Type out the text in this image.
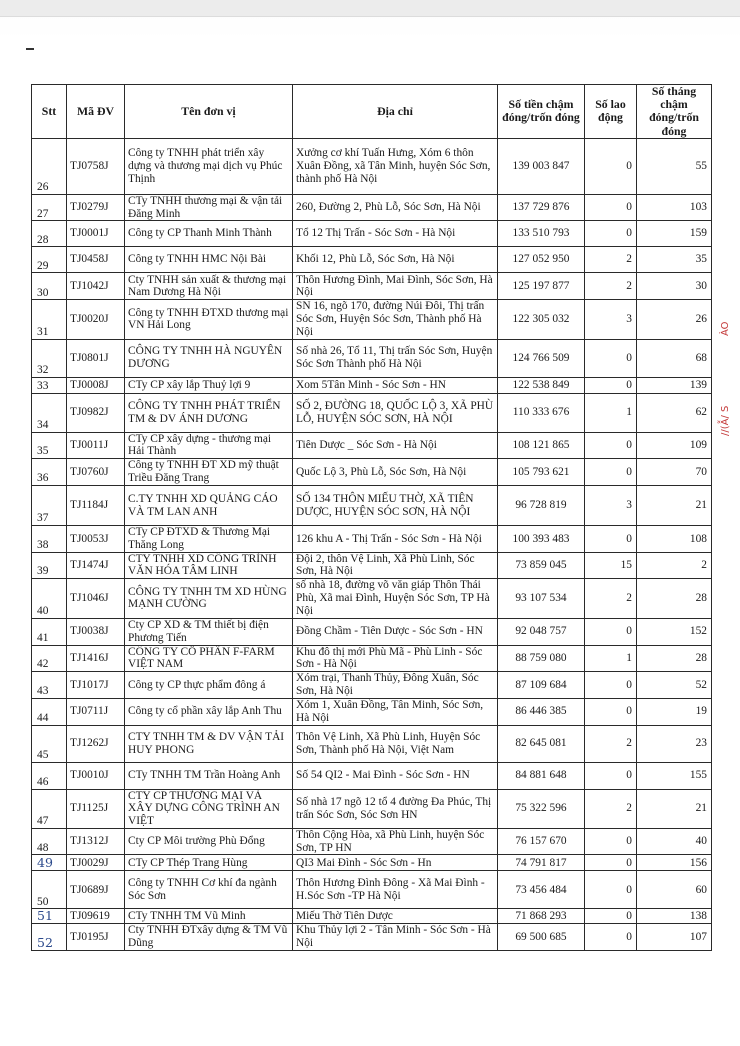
Stt	Mã ĐV	Tên đơn vị	Địa chỉ	Số tiền chậm đóng/trốn đóng	Số lao động	Số tháng chậm đóng/trốn đóng
26	TJ0758J	Công ty TNHH phát triển xây dựng và thương mại dịch vụ Phúc Thịnh	Xưởng cơ khí Tuấn Hưng, Xóm 6 thôn Xuân Đồng, xã Tân Minh, huyện Sóc Sơn, thành phố Hà Nội	139 003 847	0	55
27	TJ0279J	CTy TNHH thương mại & vận tải Đăng Minh	260, Đường 2, Phù Lỗ, Sóc Sơn, Hà Nội	137 729 876	0	103
28	TJ0001J	Công ty CP Thanh Minh Thành	Tổ 12 Thị Trấn - Sóc Sơn - Hà Nội	133 510 793	0	159
29	TJ0458J	Công ty TNHH HMC Nội Bài	Khối 12, Phù Lỗ, Sóc Sơn, Hà Nội	127 052 950	2	35
30	TJ1042J	Cty TNHH sản xuất & thương mại Nam Dương Hà Nội	Thôn Hương Đình, Mai Đình, Sóc Sơn, Hà Nội	125 197 877	2	30
31	TJ0020J	Công ty TNHH ĐTXD thương mại VN Hải Long	SN 16, ngõ 170, đường Núi Đôi, Thị trấn Sóc Sơn, Huyện Sóc Sơn, Thành phố Hà Nội	122 305 032	3	26
32	TJ0801J	CÔNG TY TNHH HÀ NGUYÊN DƯƠNG	Số nhà 26, Tổ 11, Thị trấn Sóc Sơn, Huyện Sóc Sơn Thành phố Hà Nội	124 766 509	0	68
33	TJ0008J	CTy CP xây lắp Thuỷ lợi 9	Xom 5Tân Minh - Sóc Sơn - HN	122 538 849	0	139
34	TJ0982J	CÔNG TY TNHH PHÁT TRIỂN TM & DV ÁNH DƯƠNG	SỐ 2, ĐƯỜNG 18, QUỐC LỘ 3, XÃ PHÙ LỖ, HUYỆN SÓC SƠN, HÀ NỘI	110 333 676	1	62
35	TJ0011J	CTy CP xây dựng - thương mại Hải Thành	Tiên Dược _ Sóc Sơn - Hà Nội	108 121 865	0	109
36	TJ0760J	Công ty TNHH ĐT XD mỹ thuật Triều Đăng Trang	Quốc Lộ 3, Phù Lỗ, Sóc Sơn, Hà Nội	105 793 621	0	70
37	TJ1184J	C.TY TNHH XD QUẢNG CÁO VÀ TM LAN ANH	SỐ 134 THÔN MIẾU THỜ, XÃ TIÊN DƯỢC, HUYỆN SÓC SƠN, HÀ NỘI	96 728 819	3	21
38	TJ0053J	CTy CP ĐTXD & Thương Mại Thăng Long	126 khu A - Thị Trấn - Sóc Sơn - Hà Nội	100 393 483	0	108
39	TJ1474J	CTY TNHH XD CÔNG TRÌNH VĂN HÓA TÂM LINH	Đội 2, thôn Vệ Linh, Xã Phù Linh, Sóc Sơn, Hà Nội	73 859 045	15	2
40	TJ1046J	CÔNG TY TNHH TM XD HÙNG MẠNH CƯỜNG	số nhà 18, đường võ văn giáp Thôn Thái Phù, Xã mai Đình, Huyện Sóc Sơn, TP Hà Nội	93 107 534	2	28
41	TJ0038J	Cty CP XD & TM thiết bị điện Phương Tiến	Đồng Chầm - Tiên Dược - Sóc Sơn - HN	92 048 757	0	152
42	TJ1416J	CÔNG TY CỔ PHẦN F-FARM VIỆT NAM	Khu đô thị mới Phù Mã - Phù Linh - Sóc Sơn - Hà Nội	88 759 080	1	28
43	TJ1017J	Công ty CP thực phẩm đông á	Xóm trại, Thanh Thủy, Đông Xuân, Sóc Sơn, Hà Nội	87 109 684	0	52
44	TJ0711J	Công ty cổ phần xây lắp Anh Thu	Xóm 1, Xuân Đồng, Tân Minh, Sóc Sơn, Hà Nội	86 446 385	0	19
45	TJ1262J	CTY TNHH TM & DV VẬN TẢI HUY PHONG	Thôn Vệ Linh, Xã Phù Linh, Huyện Sóc Sơn, Thành phố Hà Nội, Việt Nam	82 645 081	2	23
46	TJ0010J	CTy TNHH TM Trần Hoàng Anh	Số 54 QI2 - Mai Đình - Sóc Sơn - HN	84 881 648	0	155
47	TJ1125J	CTY CP THƯƠNG MẠI VÀ XÂY DỰNG CÔNG TRÌNH AN VIỆT	Số nhà 17 ngõ 12 tổ 4 đường Đa Phúc, Thị trấn Sóc Sơn, Sóc Sơn HN	75 322 596	2	21
48	TJ1312J	Cty CP Môi trường Phù Đổng	Thôn Cộng Hòa, xã Phù Linh, huyện Sóc Sơn, TP HN	76 157 670	0	40
49	TJ0029J	CTy CP Thép Trang Hùng	QI3 Mai Đình - Sóc Sơn - Hn	74 791 817	0	156
50	TJ0689J	Công ty TNHH Cơ khí đa ngành Sóc Sơn	Thôn Hương Đình Đông - Xã Mai Đình - H.Sóc Sơn -TP Hà Nội	73 456 484	0	60
51	TJ09619	CTy TNHH TM Vũ Minh	Miếu Thờ Tiên Dược	71 868 293	0	138
52	TJ0195J	Cty TNHH ĐTxây dựng & TM Vũ Dũng	Khu Thủy lợi 2 - Tân Minh - Sóc Sơn - Hà Nội	69 500 685	0	107
ÀO
//(Ẫ/ S
